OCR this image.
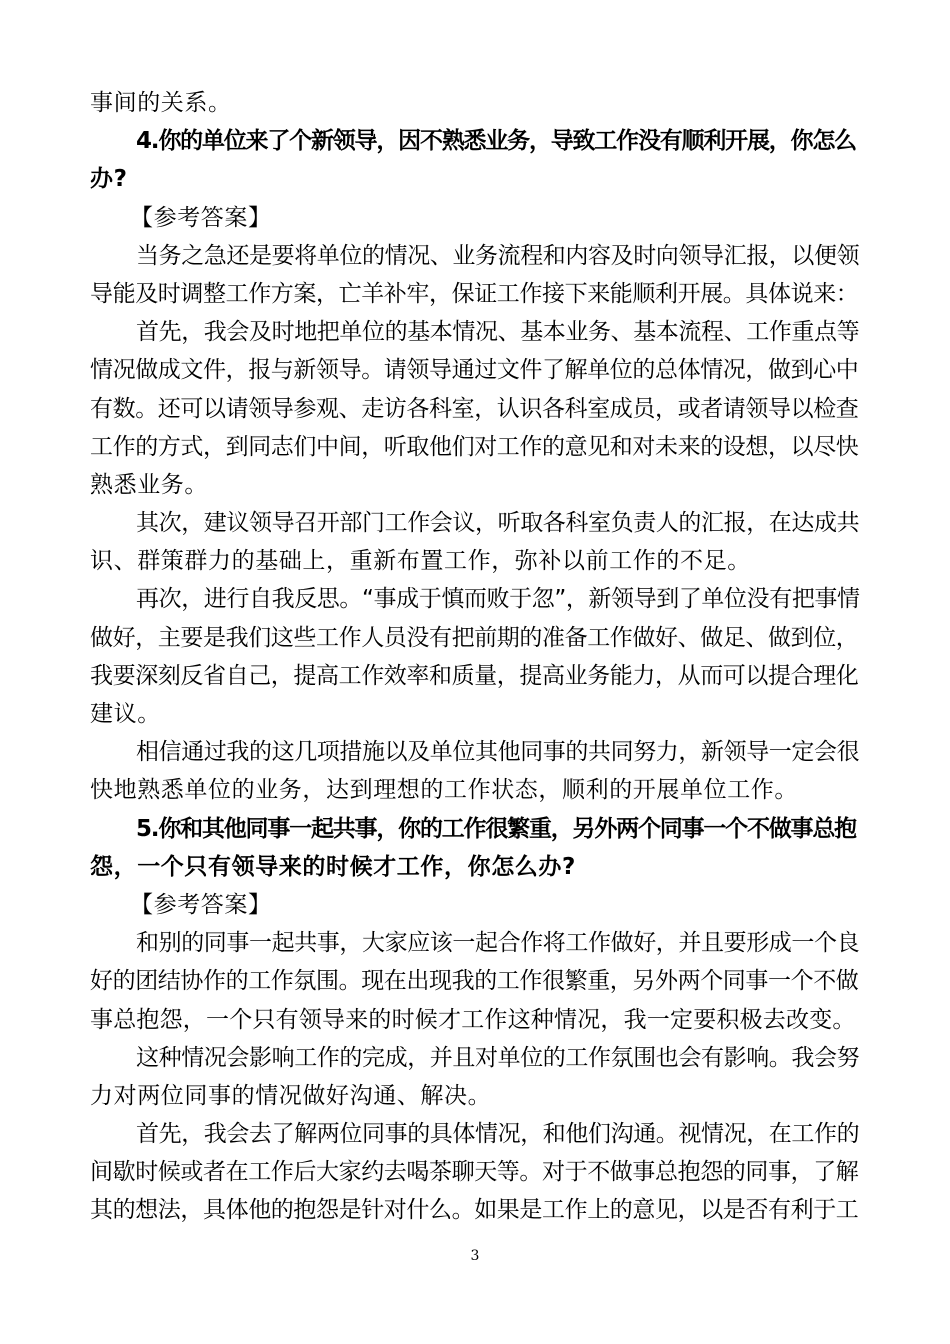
事间的关系。
4.你的单位来了个新领导，因不熟悉业务，导致工作没有顺利开展，你怎么
办?
【参考答案】
当务之急还是要将单位的情况、业务流程和内容及时向领导汇报，以便领
导能及时调整工作方案，亡羊补牢，保证工作接下来能顺利开展。具体说来：
首先，我会及时地把单位的基本情况、基本业务、基本流程、工作重点等
情况做成文件，报与新领导。请领导通过文件了解单位的总体情况，做到心中
有数。还可以请领导参观、走访各科室，认识各科室成员，或者请领导以检查
工作的方式，到同志们中间，听取他们对工作的意见和对未来的设想，以尽快
熟悉业务。
其次，建议领导召开部门工作会议，听取各科室负责人的汇报，在达成共
识、群策群力的基础上，重新布置工作，弥补以前工作的不足。
再次，进行自我反思。“事成于慎而败于忽”，新领导到了单位没有把事情
做好，主要是我们这些工作人员没有把前期的准备工作做好、做足、做到位，
我要深刻反省自己，提高工作效率和质量，提高业务能力，从而可以提合理化
建议。
相信通过我的这几项措施以及单位其他同事的共同努力，新领导一定会很
快地熟悉单位的业务，达到理想的工作状态，顺利的开展单位工作。
5.你和其他同事一起共事，你的工作很繁重，另外两个同事一个不做事总抱
怨，一个只有领导来的时候才工作，你怎么办?
【参考答案】
和别的同事一起共事，大家应该一起合作将工作做好，并且要形成一个良
好的团结协作的工作氛围。现在出现我的工作很繁重，另外两个同事一个不做
事总抱怨，一个只有领导来的时候才工作这种情况，我一定要积极去改变。
这种情况会影响工作的完成，并且对单位的工作氛围也会有影响。我会努
力对两位同事的情况做好沟通、解决。
首先，我会去了解两位同事的具体情况，和他们沟通。视情况，在工作的
间歇时候或者在工作后大家约去喝茶聊天等。对于不做事总抱怨的同事，了解
其的想法，具体他的抱怨是针对什么。如果是工作上的意见，以是否有利于工
3
